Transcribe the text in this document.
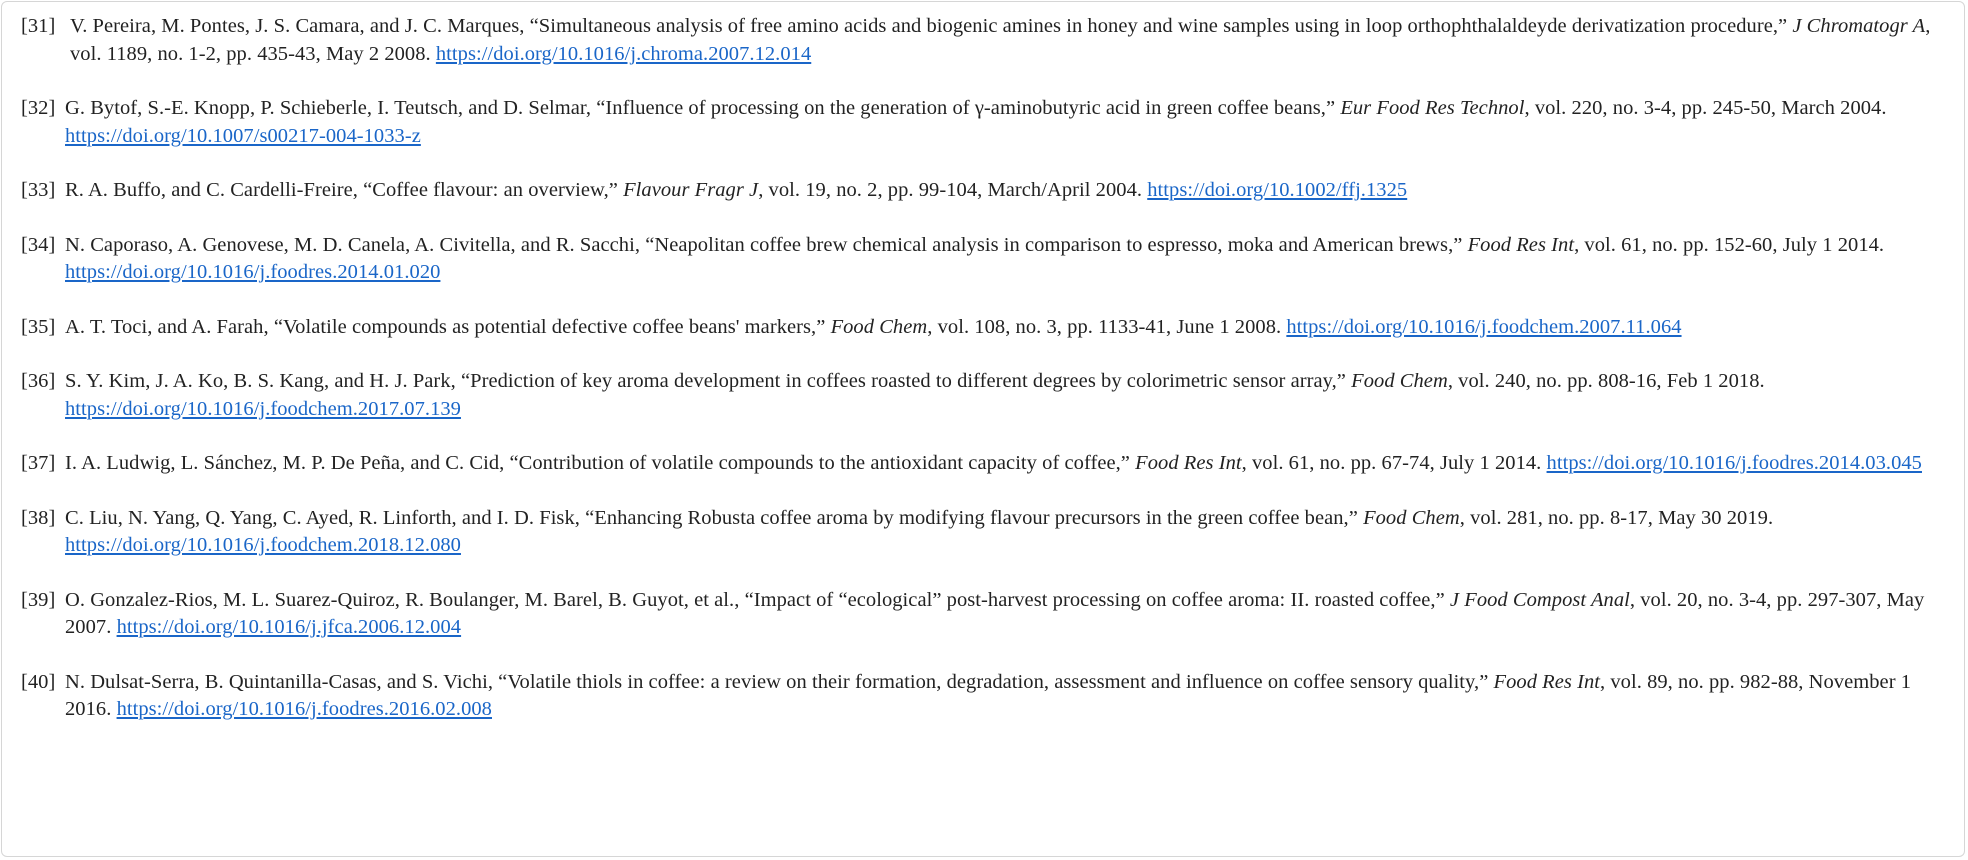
[31] V. Pereira, M. Pontes, J. S. Camara, and J. C. Marques, “Simultaneous analysis of free amino acids and biogenic amines in honey and wine samples using in loop orthophthalaldeyde derivatization procedure,” J Chromatogr A, vol. 1189, no. 1-2, pp. 435-43, May 2 2008. https://doi.org/10.1016/j.chroma.2007.12.014
[32] G. Bytof, S.-E. Knopp, P. Schieberle, I. Teutsch, and D. Selmar, “Influence of processing on the generation of γ-aminobutyric acid in green coffee beans,” Eur Food Res Technol, vol. 220, no. 3-4, pp. 245-50, March 2004. https://doi.org/10.1007/s00217-004-1033-z
[33] R. A. Buffo, and C. Cardelli-Freire, “Coffee flavour: an overview,” Flavour Fragr J, vol. 19, no. 2, pp. 99-104, March/April 2004. https://doi.org/10.1002/ffj.1325
[34] N. Caporaso, A. Genovese, M. D. Canela, A. Civitella, and R. Sacchi, “Neapolitan coffee brew chemical analysis in comparison to espresso, moka and American brews,” Food Res Int, vol. 61, no. pp. 152-60, July 1 2014. https://doi.org/10.1016/j.foodres.2014.01.020
[35] A. T. Toci, and A. Farah, “Volatile compounds as potential defective coffee beans' markers,” Food Chem, vol. 108, no. 3, pp. 1133-41, June 1 2008. https://doi.org/10.1016/j.foodchem.2007.11.064
[36] S. Y. Kim, J. A. Ko, B. S. Kang, and H. J. Park, “Prediction of key aroma development in coffees roasted to different degrees by colorimetric sensor array,” Food Chem, vol. 240, no. pp. 808-16, Feb 1 2018. https://doi.org/10.1016/j.foodchem.2017.07.139
[37] I. A. Ludwig, L. Sánchez, M. P. De Peña, and C. Cid, “Contribution of volatile compounds to the antioxidant capacity of coffee,” Food Res Int, vol. 61, no. pp. 67-74, July 1 2014. https://doi.org/10.1016/j.foodres.2014.03.045
[38] C. Liu, N. Yang, Q. Yang, C. Ayed, R. Linforth, and I. D. Fisk, “Enhancing Robusta coffee aroma by modifying flavour precursors in the green coffee bean,” Food Chem, vol. 281, no. pp. 8-17, May 30 2019. https://doi.org/10.1016/j.foodchem.2018.12.080
[39] O. Gonzalez-Rios, M. L. Suarez-Quiroz, R. Boulanger, M. Barel, B. Guyot, et al., “Impact of “ecological” post-harvest processing on coffee aroma: II. roasted coffee,” J Food Compost Anal, vol. 20, no. 3-4, pp. 297-307, May 2007. https://doi.org/10.1016/j.jfca.2006.12.004
[40] N. Dulsat-Serra, B. Quintanilla-Casas, and S. Vichi, “Volatile thiols in coffee: a review on their formation, degradation, assessment and influence on coffee sensory quality,” Food Res Int, vol. 89, no. pp. 982-88, November 1 2016. https://doi.org/10.1016/j.foodres.2016.02.008
